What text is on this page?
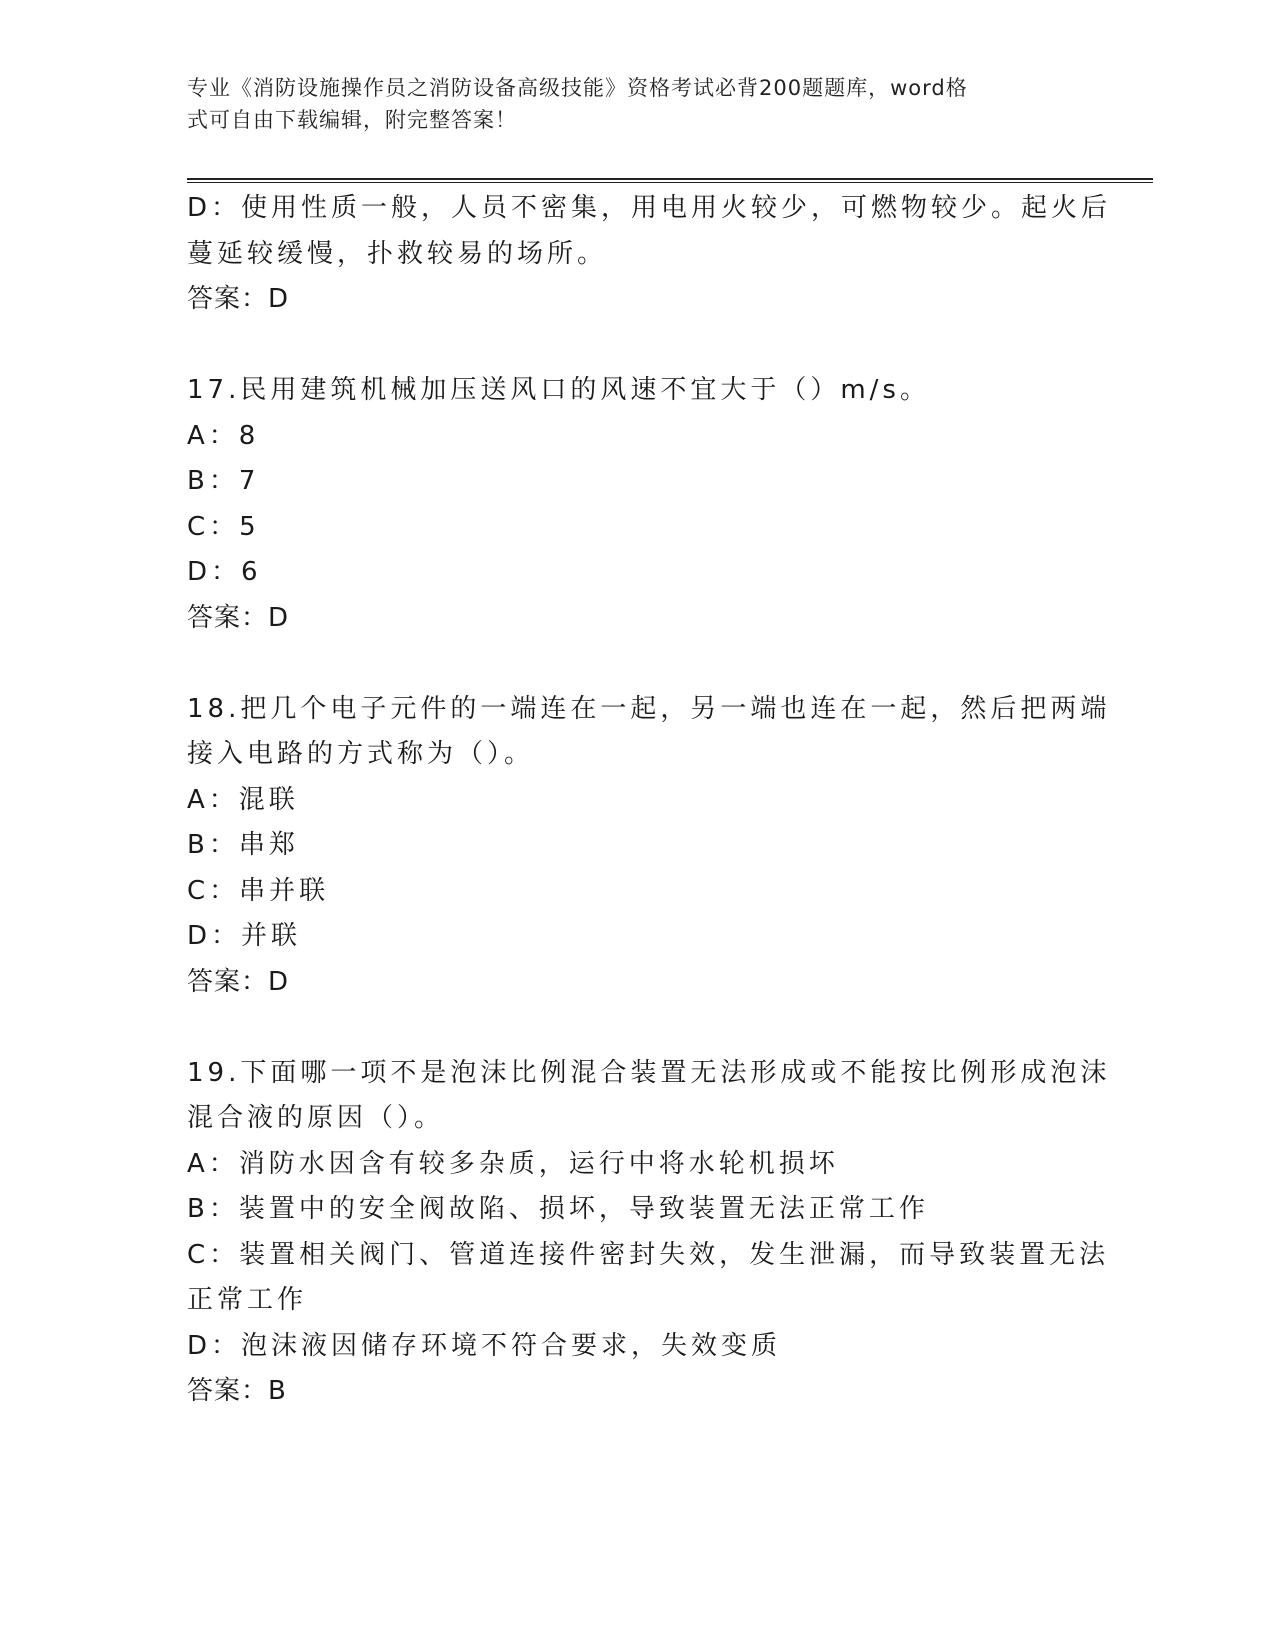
专业《消防设施操作员之消防设备高级技能》资格考试必背200题题库，word格
式可自由下载编辑，附完整答案！
D：使用性质一般，人员不密集，用电用火较少，可燃物较少。起火后
蔓延较缓慢，扑救较易的场所。
答案：D
17.民用建筑机械加压送风口的风速不宜大于（）m/s。
A：8
B：7
C：5
D：6
答案：D
18.把几个电子元件的一端连在一起，另一端也连在一起，然后把两端
接入电路的方式称为（）。
A：混联
B：串郑
C：串并联
D：并联
答案：D
19.下面哪一项不是泡沫比例混合装置无法形成或不能按比例形成泡沫
混合液的原因（）。
A：消防水因含有较多杂质，运行中将水轮机损坏
B：装置中的安全阀故陷、损坏，导致装置无法正常工作
C：装置相关阀门、管道连接件密封失效，发生泄漏，而导致装置无法
正常工作
D：泡沫液因储存环境不符合要求，失效变质
答案：B
